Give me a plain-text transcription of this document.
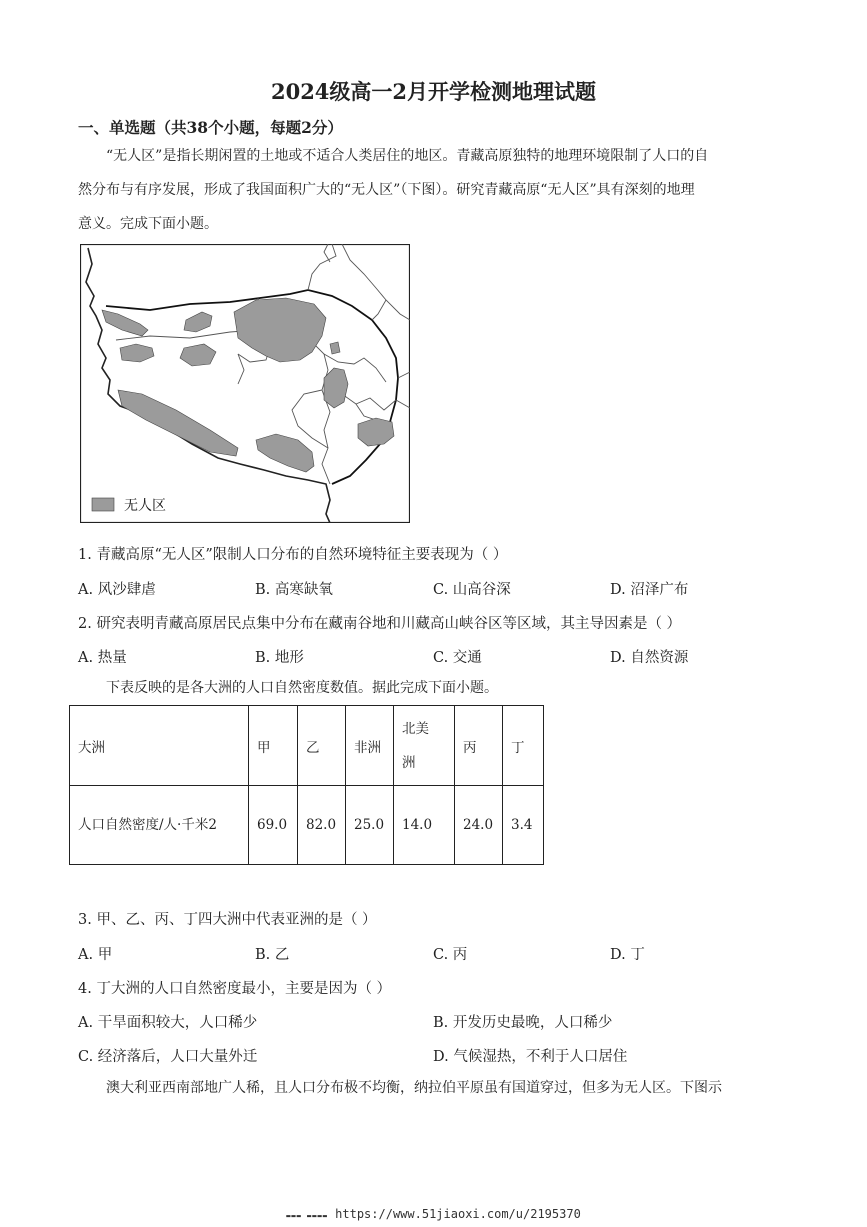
2024级高一2月开学检测地理试题
一、单选题（共38个小题，每题2分）
“无人区”是指长期闲置的土地或不适合人类居住的地区。青藏高原独特的地理环境限制了人口的自
然分布与有序发展，形成了我国面积广大的“无人区”（下图）。研究青藏高原“无人区”具有深刻的地理
意义。完成下面小题。
无人区
1. 青藏高原“无人区”限制人口分布的自然环境特征主要表现为（ ）
A. 风沙肆虐	B. 高寒缺氧	C. 山高谷深	D. 沼泽广布
2. 研究表明青藏高原居民点集中分布在藏南谷地和川藏高山峡谷区等区域，其主导因素是（ ）
A. 热量	B. 地形	C. 交通	D. 自然资源
下表反映的是各大洲的人口自然密度数值。据此完成下面小题。
大洲	甲	乙	非洲	北美洲	丙	丁

人口自然密度/人·千米2	69.0	82.0	25.0	14.0	24.0	3.4
3. 甲、乙、丙、丁四大洲中代表亚洲的是（ ）
A. 甲	B. 乙	C. 丙	D. 丁
4. 丁大洲的人口自然密度最小，主要是因为（ ）
A. 干旱面积较大，人口稀少	B. 开发历史最晚，人口稀少
C. 经济落后，人口大量外迁	D. 气候湿热，不利于人口居住
澳大利亚西南部地广人稀，且人口分布极不均衡，纳拉伯平原虽有国道穿过，但多为无人区。下图示
▬▬▬ ▬▬▬▬ https://www.51jiaoxi.com/u/2195370
